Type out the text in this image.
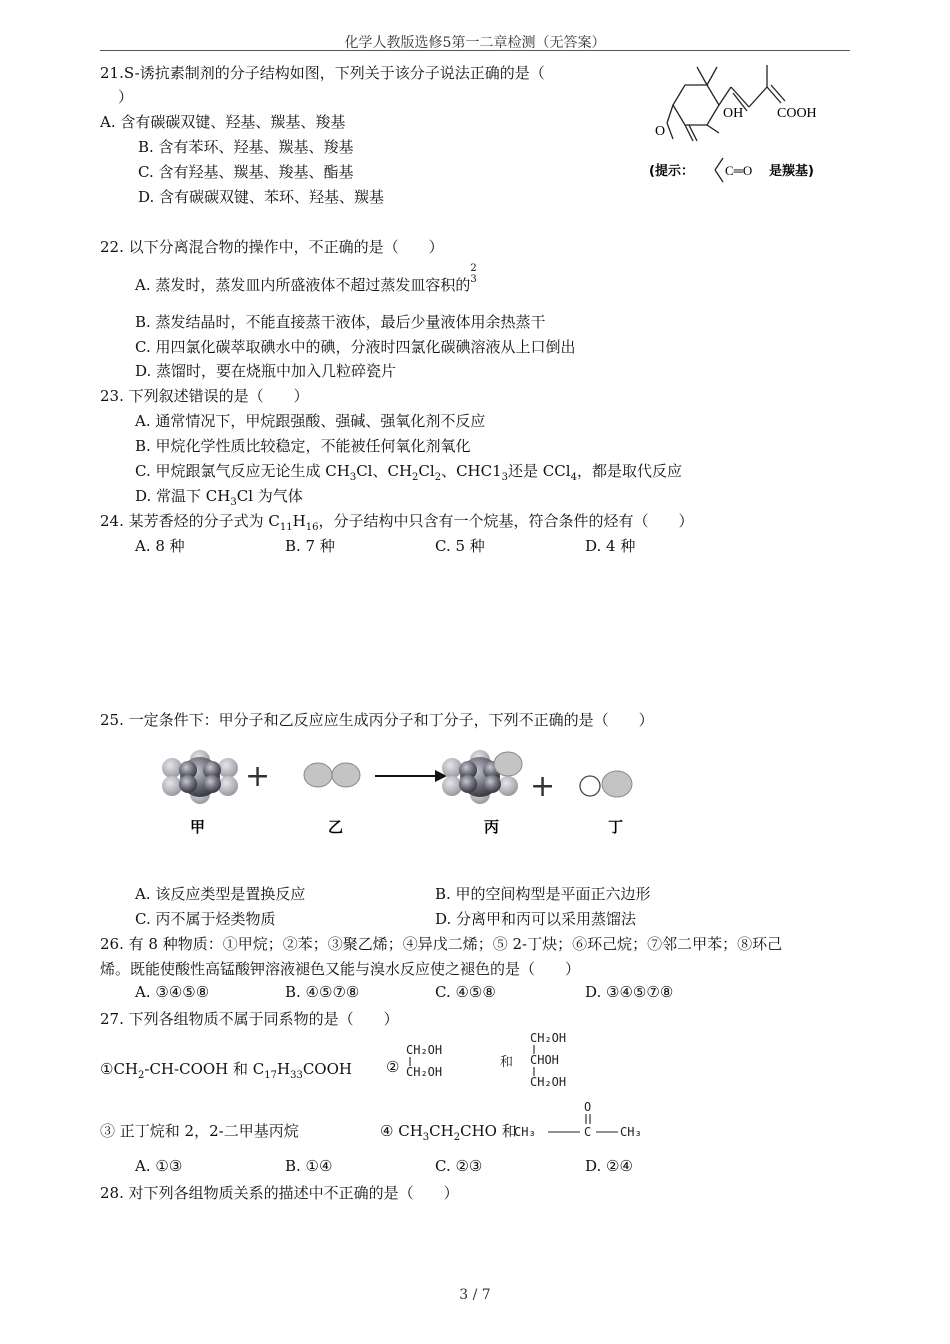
化学人教版选修5第一二章检测（无答案）
3 / 7
21.S-诱抗素制剂的分子结构如图，下列关于该分子说法正确的是（
）
A. 含有碳碳双键、羟基、羰基、羧基
B. 含有苯环、羟基、羰基、羧基
C. 含有羟基、羰基、羧基、酯基
D. 含有碳碳双键、苯环、羟基、羰基
OH COOH
O
(提示： C═O 是羰基)
22. 以下分离混合物的操作中，不正确的是（　　）
A. 蒸发时，蒸发皿内所盛液体不超过蒸发皿容积的2
3
B. 蒸发结晶时，不能直接蒸干液体，最后少量液体用余热蒸干
C. 用四氯化碳萃取碘水中的碘，分液时四氯化碳碘溶液从上口倒出
D. 蒸馏时，要在烧瓶中加入几粒碎瓷片
23. 下列叙述错误的是（　　）
A. 通常情况下，甲烷跟强酸、强碱、强氧化剂不反应
B. 甲烷化学性质比较稳定，不能被任何氧化剂氧化
C. 甲烷跟氯气反应无论生成 $CH_3Cl$、$CH_2Cl_2$、$CHC1_3$还是 CCl$_4$，都是取代反应
D. 常温下 $CH_3Cl$ 为气体
24. 某芳香烃的分子式为 $C_{11}H_{16}$，分子结构中只含有一个烷基，符合条件的烃有（　　）
A. 8 种	B. 7 种	C. 5 种	D. 4 种
25. 一定条件下：甲分子和乙反应应生成丙分子和丁分子，下列不正确的是（　　）
+	+
甲	乙	丙	丁
A. 该反应类型是置换反应	B. 甲的空间构型是平面正六边形
C. 丙不属于烃类物质	D. 分离甲和丙可以采用蒸馏法
26. 有 8 种物质：①甲烷；②苯；③聚乙烯；④异戊二烯；⑤ 2-丁炔；⑥环己烷；⑦邻二甲苯；⑧环己
烯。既能使酸性高锰酸钾溶液褪色又能与溴水反应使之褪色的是（　　）
A. ③④⑤⑧	B. ④⑤⑦⑧	C. ④⑤⑧	D. ③④⑤⑦⑧
27. 下列各组物质不属于同系物的是（　　）
$①CH_2-CH$-COOH 和 $C_{17}H_{33}COOH$ ②
CH₂OH
CH₂OH
和
CH₂OH
CHOH
CH₂OH
③ 正丁烷和 2，2-二甲基丙烷	④ $CH_3CH_2CHO$ 和
CH₃	C
O
CH₃
A. ①③	B. ①④	C. ②③	D. ②④
28. 对下列各组物质关系的描述中不正确的是（　　）
